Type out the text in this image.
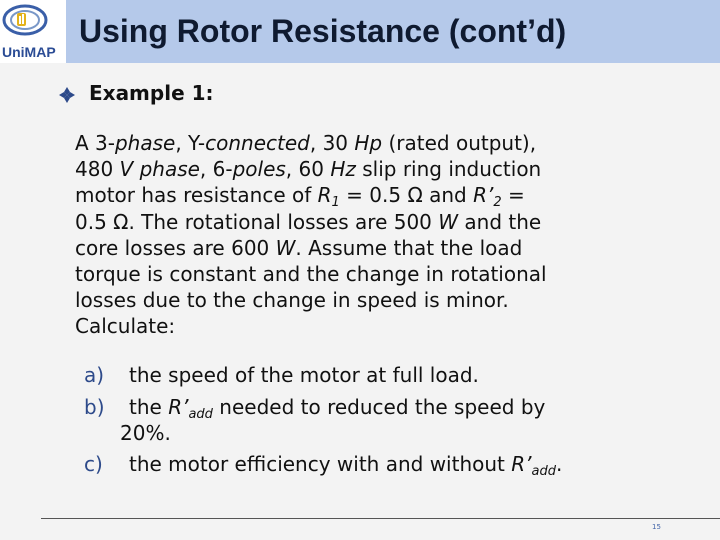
UniMAP
Using Rotor Resistance (cont’d)
Example 1:
A 3-phase, Y-connected, 30 Hp (rated output),
480 V phase, 6-poles, 60 Hz slip ring induction
motor has resistance of $R_1 = 0.5$ Ω and $R’_2$ =
0.5 Ω. The rotational losses are 500 W and the
core losses are 600 W. Assume that the load
torque is constant and the change in rotational
losses due to the change in speed is minor.
Calculate:
a) the speed of the motor at full load.
b) the $R’_{add}$ needed to reduced the speed by
20%.
c) the motor efficiency with and without $R’_{add}$.
15
